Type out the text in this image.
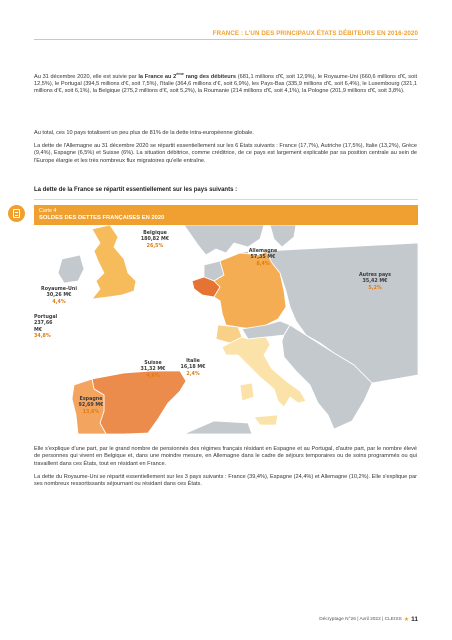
FRANCE : L'UN DES PRINCIPAUX ÉTATS DÉBITEURS EN 2016-2020

Au 31 décembre 2020, elle est suivie par la France au 2ème rang des débiteurs (681,1 millions d'€, soit 12,9%), le Royaume-Uni (660,6 millions d'€, soit 12,5%), le Portugal (394,5 millions d'€, soit 7,5%), l'Italie (364,6 millions d'€, soit 6,9%), les Pays-Bas (335,9 millions d'€, soit 6,4%), le Luxembourg (321,1 millions d'€, soit 6,1%), la Belgique (275,2 millions d'€, soit 5,2%), la Roumanie (214 millions d'€, soit 4,1%), la Pologne (201,9 millions d'€, soit 3,8%).

Au total, ces 10 pays totalisent un peu plus de 81% de la dette intra-européenne globale.

La dette de l'Allemagne au 31 décembre 2020 se répartit essentiellement sur les 6 États suivants : France (17,7%), Autriche (17,5%), Italie (13,2%), Grèce (9,4%), Espagne (6,5%) et Suisse (6%). La situation débitrice, comme créditrice, de ce pays est largement explicable par sa position centrale au sein de l'Europe élargie et les très nombreux flux migratoires qu'elle entraîne.

La dette de la France se répartit essentiellement sur les pays suivants :
Carte 4
SOLDES DES DETTES FRANÇAISES EN 2020
Belgique
180,82 M€
26,5%
Allemagne
57,35 M€
8,4%
Autres pays
35,42 M€
5,2%
Royaume-Uni
30,26 M€
4,4%
Portugal
237,66 M€
34,8%
Suisse
31,32 M€
4,6%
Italie
16,18 M€
2,4%
Espagne
92,69 M€
13,6%

Elle s'explique d'une part, par le grand nombre de pensionnés des régimes français résidant en Espagne et au Portugal, d'autre part, par le nombre élevé de personnes qui vivent en Belgique et, dans une moindre mesure, en Allemagne dans le cadre de séjours temporaires ou de soins programmés ou qui travaillent dans ces États, tout en résidant en France.

La dette du Royaume-Uni se répartit essentiellement sur les 3 pays suivants : France (39,4%), Espagne (24,4%) et Allemagne (10,2%). Elle s'explique par ses nombreux ressortissants séjournant ou résidant dans ces États.

Décryptage N°26 | Avril 2022 | CLEISS ★ 11
